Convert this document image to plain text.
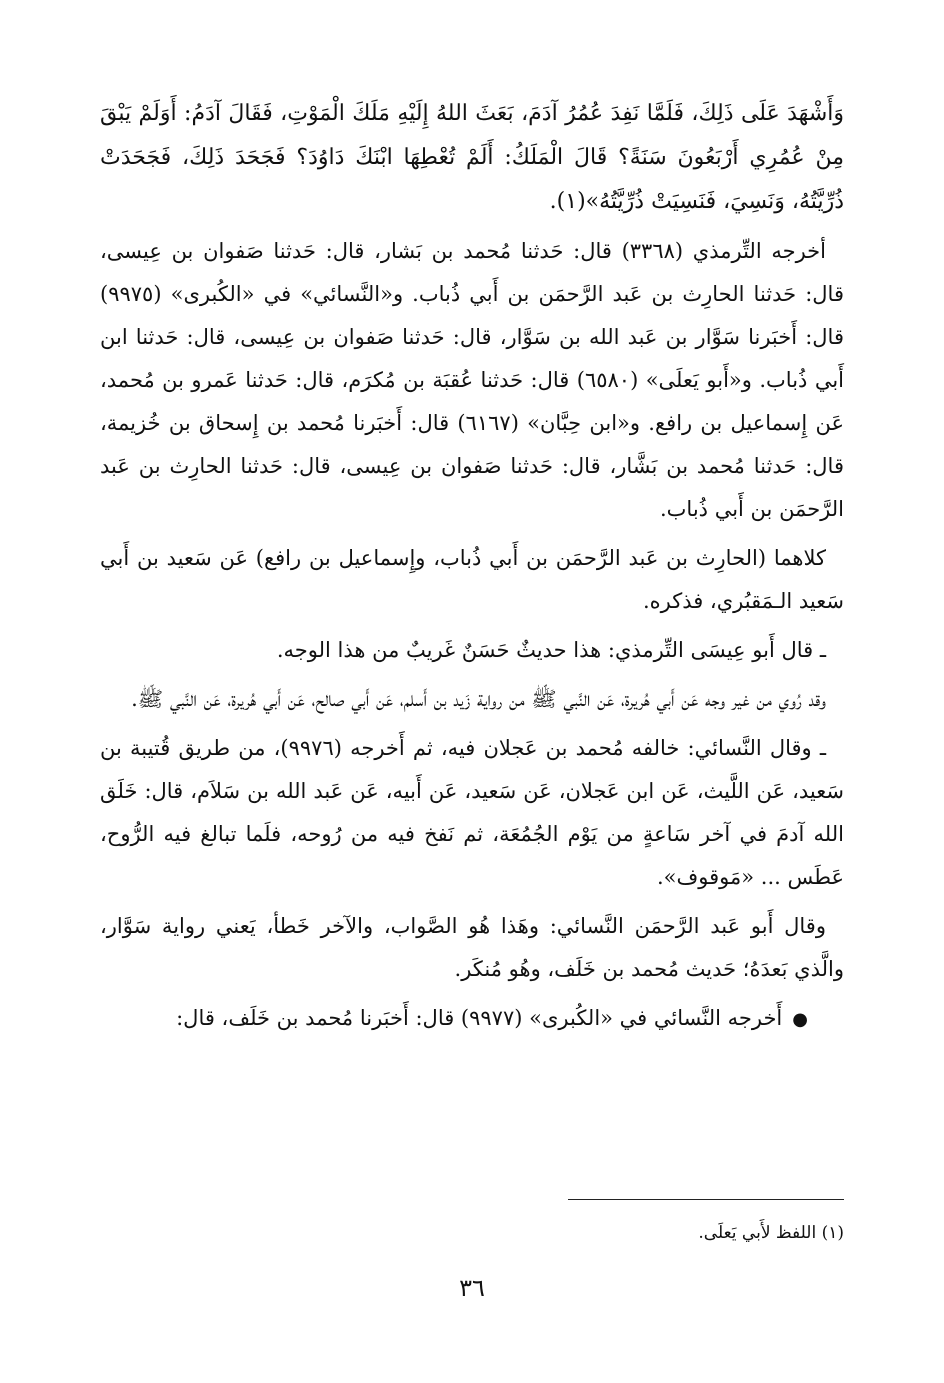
وَأَشْهَدَ عَلَى ذَلِكَ، فَلَمَّا نَفِدَ عُمُرُ آدَمَ، بَعَثَ اللهُ إِلَيْهِ مَلَكَ الْمَوْتِ، فَقَالَ آدَمُ: أَوَلَمْ يَبْقَ مِنْ عُمُرِي أَرْبَعُونَ سَنَةً؟ قَالَ الْمَلَكُ: أَلَمْ تُعْطِهَا ابْنَكَ دَاوُدَ؟ فَجَحَدَ ذَلِكَ، فَجَحَدَتْ ذُرِّيَّتُهُ، وَنَسِيَ، فَنَسِيَتْ ذُرِّيَّتُهُ»(١).

أخرجه التِّرمذي (٣٣٦٨) قال: حَدثنا مُحمد بن بَشار، قال: حَدثنا صَفوان بن عِيسى، قال: حَدثنا الحارِث بن عَبد الرَّحمَن بن أَبي ذُباب. و«النَّسائي» في «الكُبرى» (٩٩٧٥) قال: أَخبَرنا سَوَّار بن عَبد الله بن سَوَّار، قال: حَدثنا صَفوان بن عِيسى، قال: حَدثنا ابن أَبي ذُباب. و«أَبو يَعلَى» (٦٥٨٠) قال: حَدثنا عُقبَة بن مُكرَم، قال: حَدثنا عَمرو بن مُحمد، عَن إِسماعيل بن رافع. و«ابن حِبَّان» (٦١٦٧) قال: أَخبَرنا مُحمد بن إِسحاق بن خُزيمة، قال: حَدثنا مُحمد بن بَشَّار، قال: حَدثنا صَفوان بن عِيسى، قال: حَدثنا الحارِث بن عَبد الرَّحمَن بن أَبي ذُباب.

كلاهما (الحارِث بن عَبد الرَّحمَن بن أَبي ذُباب، وإِسماعيل بن رافع) عَن سَعيد بن أَبي سَعيد الـمَقبُري، فذكره.

ـ قال أَبو عِيسَى التِّرمذي: هذا حديثٌ حَسَنٌ غَريبٌ من هذا الوجه.

وقد رُوي من غير وجه عَن أَبي هُريرة، عَن النَّبي ﷺ من رواية زَيد بن أَسلم، عَن أَبي صالح، عَن أَبي هُريرة، عَن النَّبي ﷺ.

ـ وقال النَّسائي: خالفه مُحمد بن عَجلان فيه، ثم أَخرجه (٩٩٧٦)، من طريق قُتيبة بن سَعيد، عَن اللَّيث، عَن ابن عَجلان، عَن سَعيد، عَن أَبيه، عَن عَبد الله بن سَلاَم، قال: خَلَق الله آدمَ في آخر سَاعةٍ من يَوْم الجُمُعَة، ثم نَفخ فيه من رُوحه، فلَما تبالغ فيه الرُّوح، عَطَس ... «مَوقوف».

وقال أَبو عَبد الرَّحمَن النَّسائي: وهَذا هُو الصَّواب، والآخر خَطأ، يَعني رواية سَوَّار، والَّذي بَعدَهُ؛ حَديث مُحمد بن خَلَف، وهُو مُنكَر.

●أَخرجه النَّسائي في «الكُبرى» (٩٩٧٧) قال: أَخبَرنا مُحمد بن خَلَف، قال:

(١) اللفظ لأَبي يَعلَى.
٣٦
